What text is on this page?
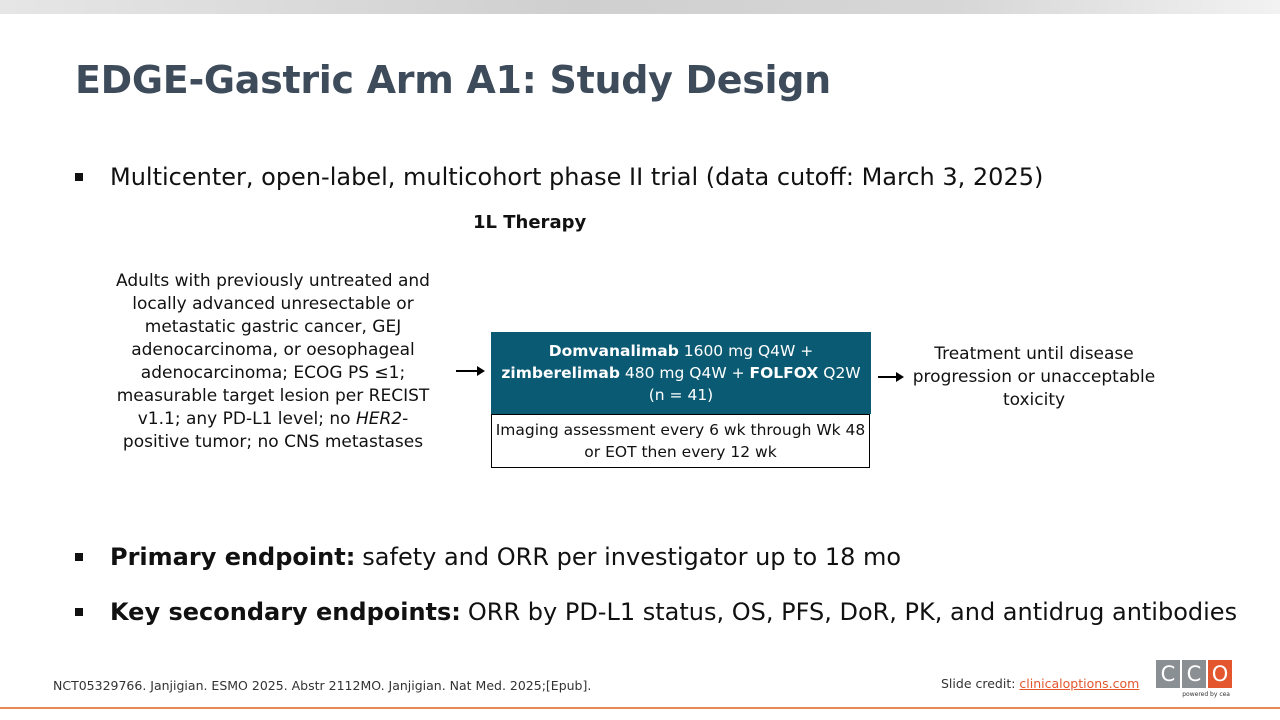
EDGE-Gastric Arm A1: Study Design
Multicenter, open-label, multicohort phase II trial (data cutoff: March 3, 2025)
1L Therapy
Adults with previously untreated and locally advanced unresectable or metastatic gastric cancer, GEJ adenocarcinoma, or oesophageal adenocarcinoma; ECOG PS ≤1; measurable target lesion per RECIST v1.1; any PD-L1 level; no HER2-positive tumor; no CNS metastases
Domvanalimab 1600 mg Q4W +
zimberelimab 480 mg Q4W + FOLFOX Q2W
(n = 41)
Imaging assessment every 6 wk through Wk 48 or EOT then every 12 wk
Treatment until disease progression or unacceptable toxicity
Primary endpoint: safety and ORR per investigator up to 18 mo
Key secondary endpoints: ORR by PD-L1 status, OS, PFS, DoR, PK, and antidrug antibodies
NCT05329766. Janjigian. ESMO 2025. Abstr 2112MO. Janjigian. Nat Med. 2025;[Epub].	Slide credit: clinicaloptions.com C C O
powered by cea
